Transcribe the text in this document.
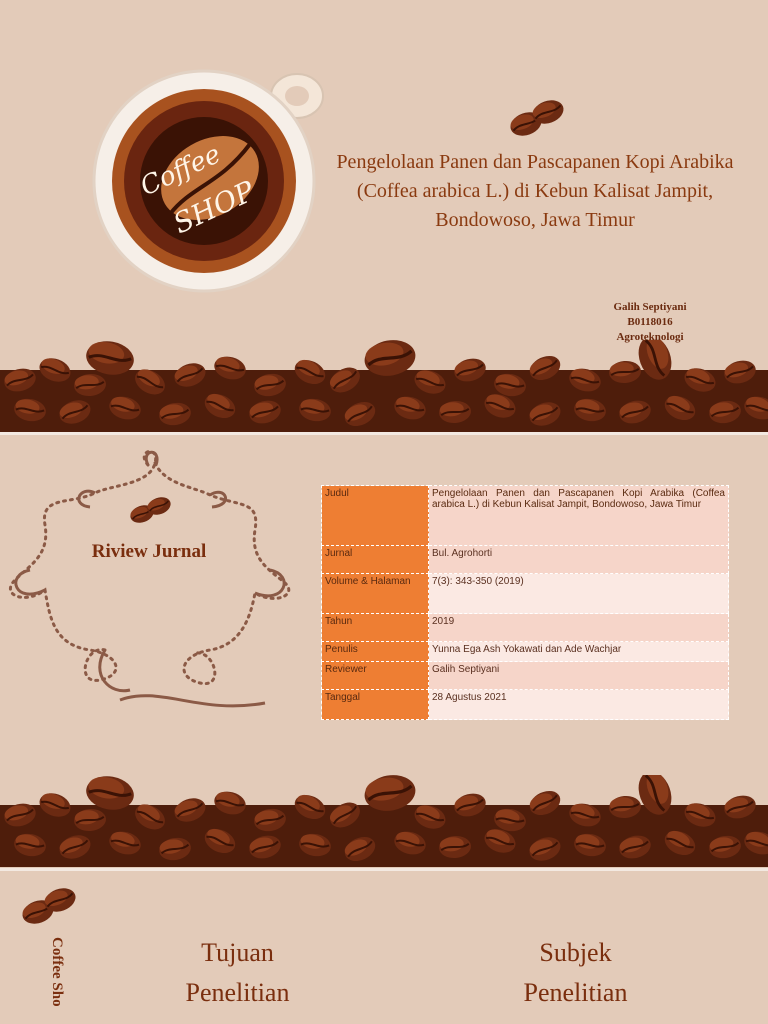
Coffee
SHOP
Pengelolaan Panen dan Pascapanen Kopi Arabika (Coffea arabica L.) di Kebun Kalisat Jampit, Bondowoso, Jawa Timur
Galih Septiyani
B0118016
Agroteknologi
Riview Jurnal
Judul	Pengelolaan Panen dan Pascapanen Kopi Arabika (Coffea arabica L.) di Kebun Kalisat Jampit, Bondowoso, Jawa Timur
Jurnal	Bul. Agrohorti
Volume & Halaman	7(3): 343-350 (2019)
Tahun	2019
Penulis	Yunna Ega Ash Yokawati dan Ade Wachjar
Reviewer	Galih Septiyani
Tanggal	28 Agustus 2021
Coffee Sho	Tujuan
Penelitian
Subjek
Penelitian
